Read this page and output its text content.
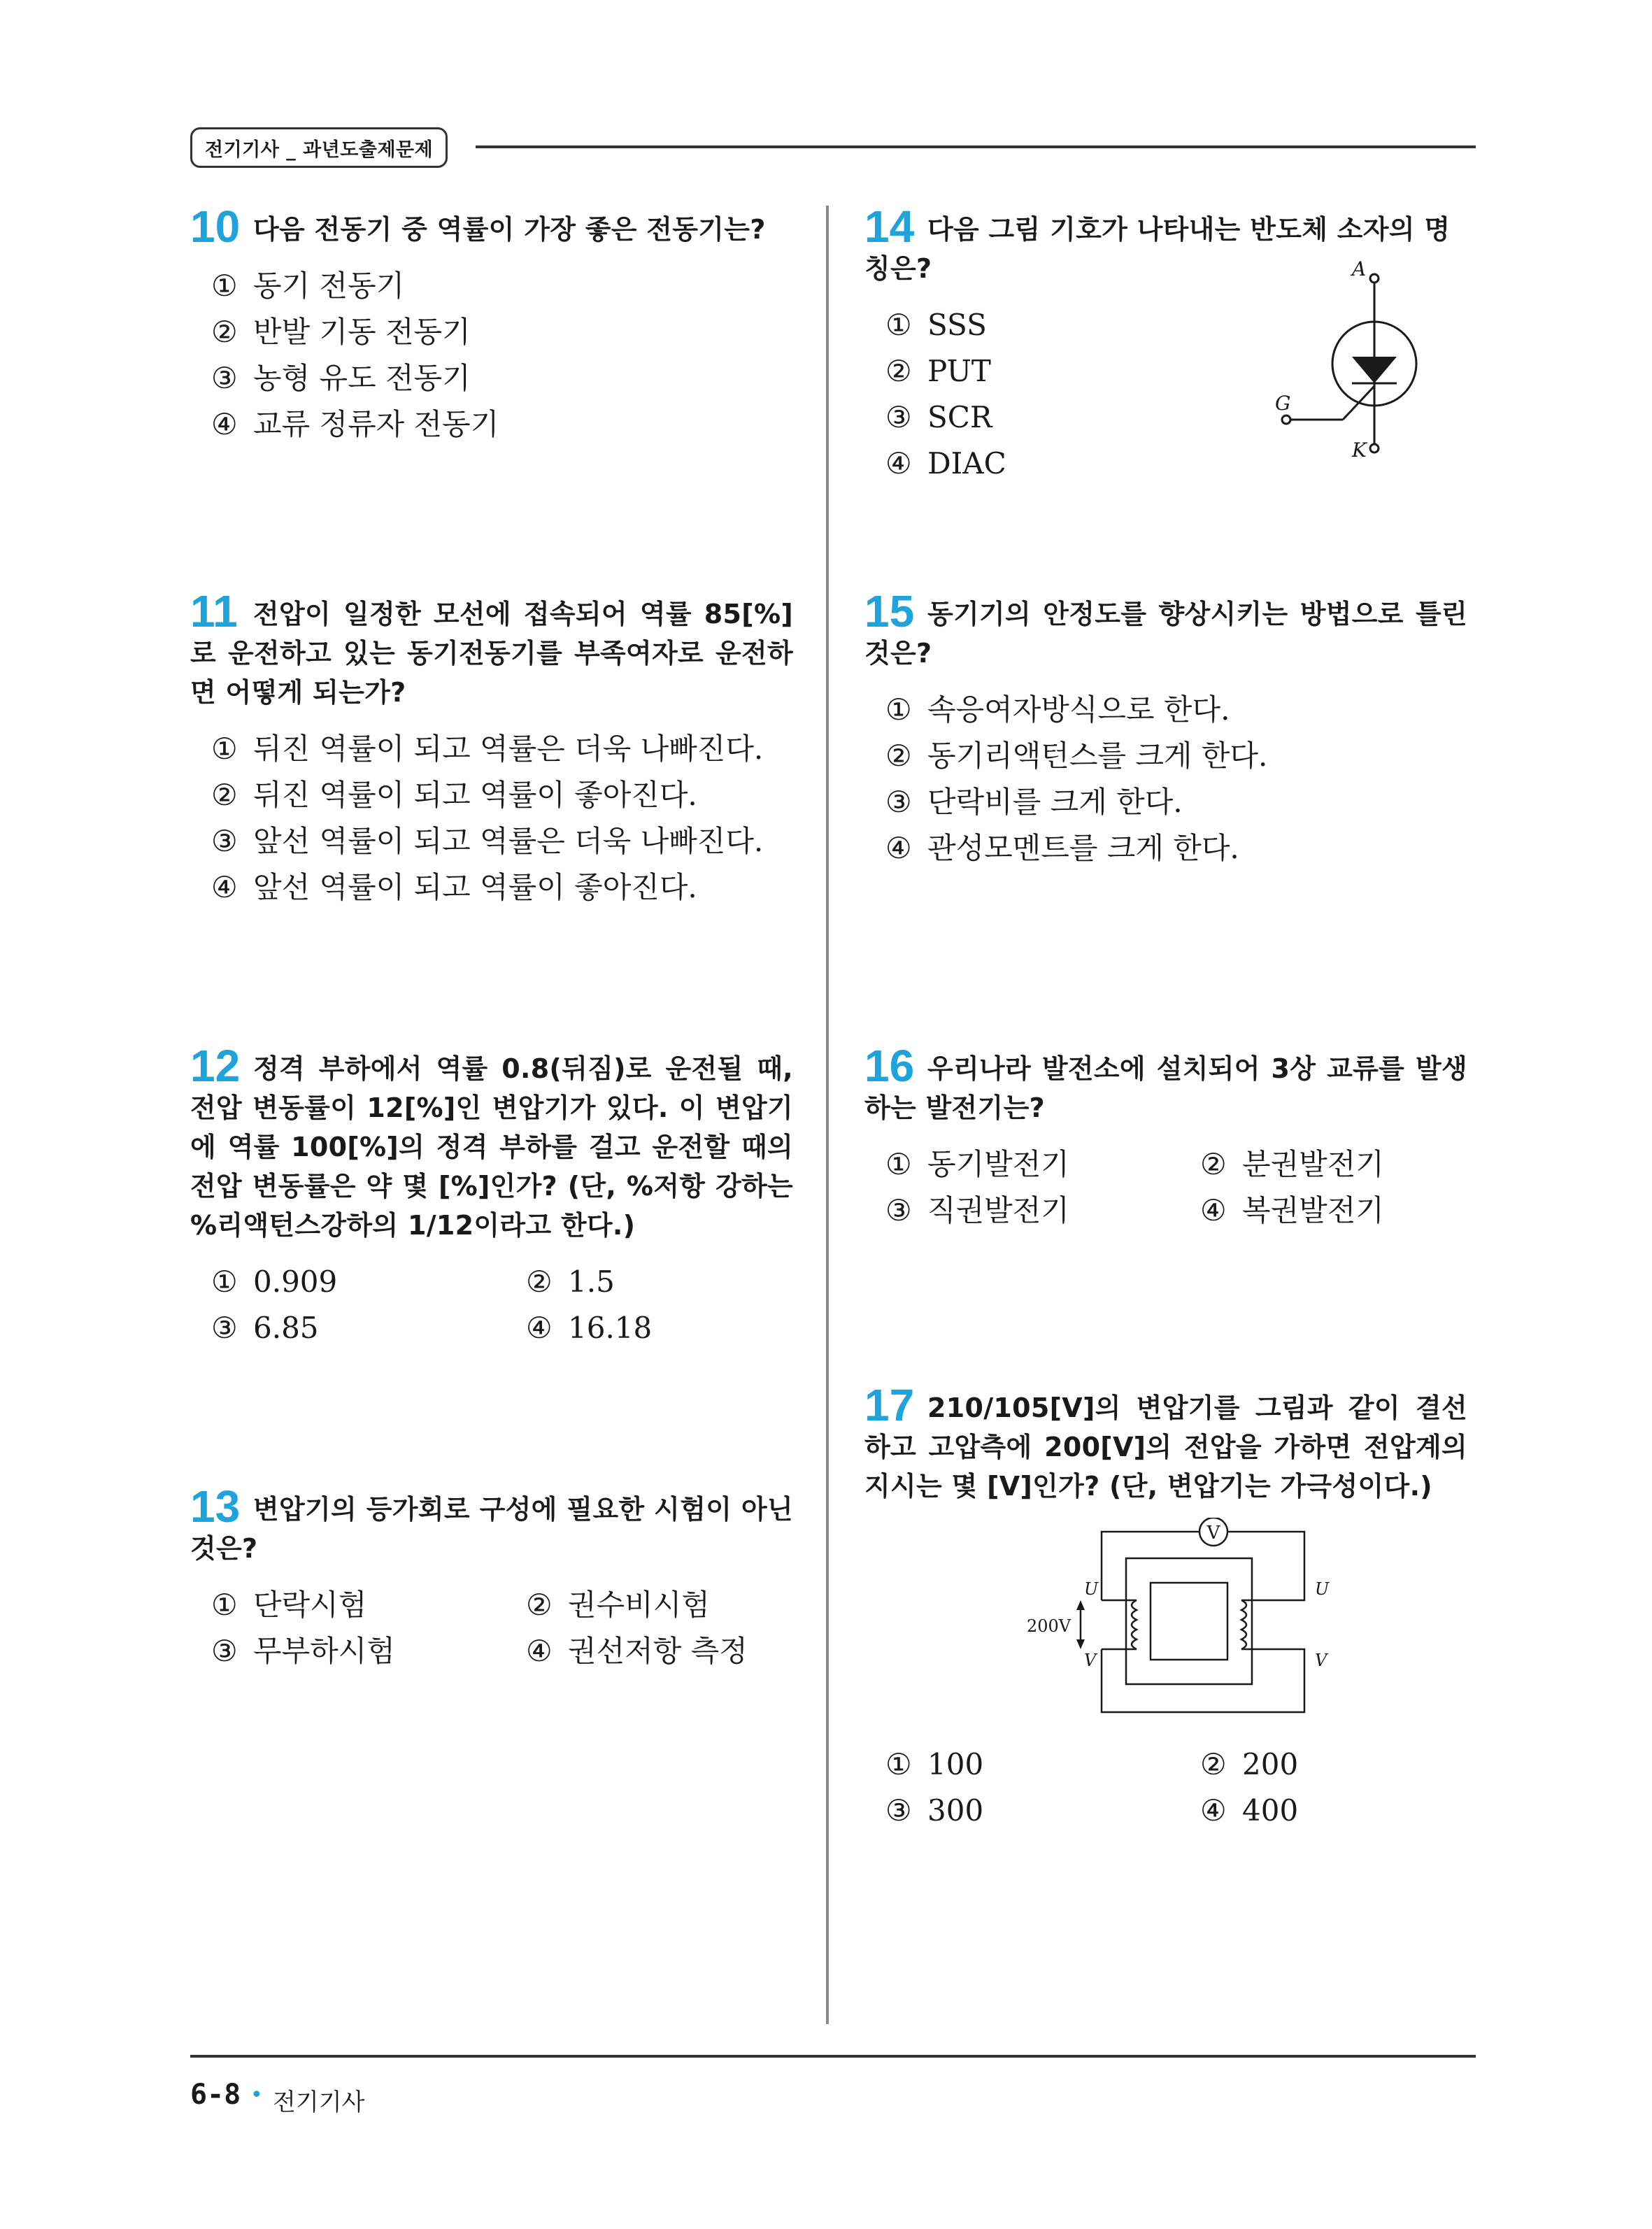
전기기사 _ 과년도출제문제
10 다음 전동기 중 역률이 가장 좋은 전동기는?

① 동기 전동기
② 반발 기동 전동기
③ 농형 유도 전동기
④ 교류 정류자 전동기
11 전압이 일정한 모선에 접속되어 역률 85[%]로 운전하고 있는 동기전동기를 부족여자로 운전하면 어떻게 되는가?

① 뒤진 역률이 되고 역률은 더욱 나빠진다.
② 뒤진 역률이 되고 역률이 좋아진다.
③ 앞선 역률이 되고 역률은 더욱 나빠진다.
④ 앞선 역률이 되고 역률이 좋아진다.
12 정격 부하에서 역률 0.8(뒤짐)로 운전될 때, 전압 변동률이 12[%]인 변압기가 있다. 이 변압기에 역률 100[%]의 정격 부하를 걸고 운전할 때의 전압 변동률은 약 몇 [%]인가? (단, %저항 강하는 %리액턴스강하의 1/12이라고 한다.)

① 0.909	② 1.5
③ 6.85	④ 16.18
13 변압기의 등가회로 구성에 필요한 시험이 아닌 것은?

① 단락시험	② 권수비시험
③ 무부하시험	④ 권선저항 측정
14 다음 그림 기호가 나타내는 반도체 소자의 명칭은?

① SSS
② PUT
③ SCR
④ DIAC
A
G
K
15 동기기의 안정도를 향상시키는 방법으로 틀린 것은?

① 속응여자방식으로 한다.
② 동기리액턴스를 크게 한다.
③ 단락비를 크게 한다.
④ 관성모멘트를 크게 한다.
16 우리나라 발전소에 설치되어 3상 교류를 발생하는 발전기는?

① 동기발전기	② 분권발전기
③ 직권발전기	④ 복권발전기
17 210/105[V]의 변압기를 그림과 같이 결선하고 고압측에 200[V]의 전압을 가하면 전압계의 지시는 몇 [V]인가? (단, 변압기는 가극성이다.)

V
200V
U
V
U
V
① 100	② 200
③ 300	④ 400
6-8 • 전기기사
